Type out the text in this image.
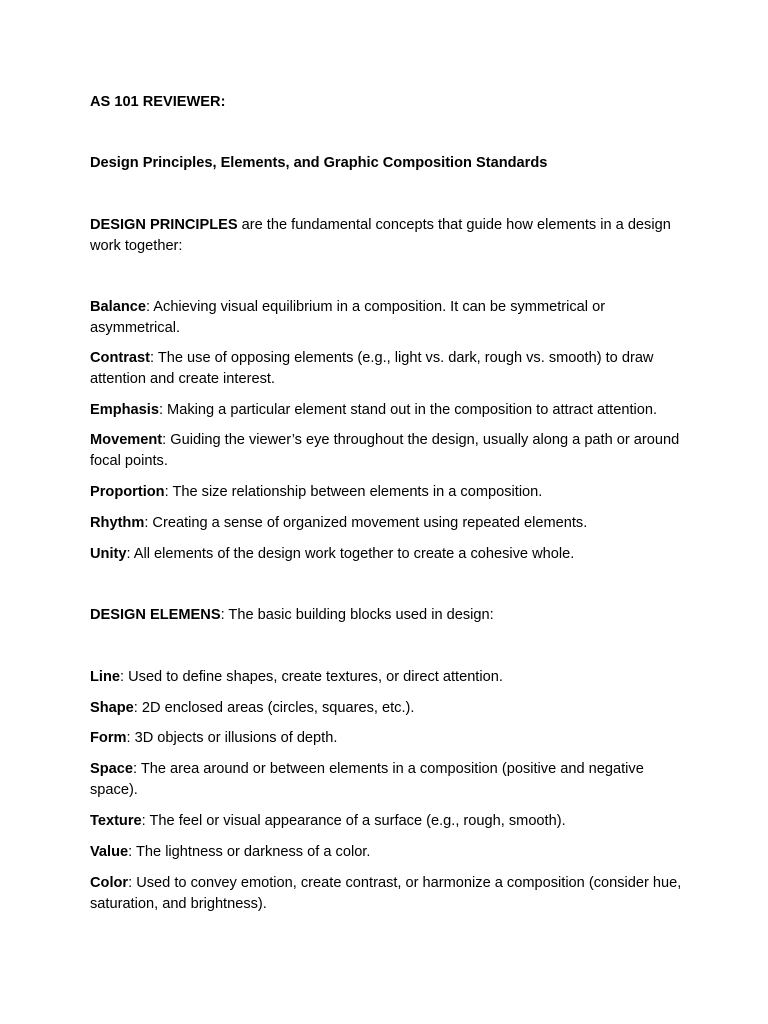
AS 101 REVIEWER:

Design Principles, Elements, and Graphic Composition Standards

DESIGN PRINCIPLES are the fundamental concepts that guide how elements in a design work together:

Balance: Achieving visual equilibrium in a composition. It can be symmetrical or asymmetrical.

Contrast: The use of opposing elements (e.g., light vs. dark, rough vs. smooth) to draw attention and create interest.

Emphasis: Making a particular element stand out in the composition to attract attention.

Movement: Guiding the viewer’s eye throughout the design, usually along a path or around focal points.

Proportion: The size relationship between elements in a composition.

Rhythm: Creating a sense of organized movement using repeated elements.

Unity: All elements of the design work together to create a cohesive whole.

DESIGN ELEMENS: The basic building blocks used in design:

Line: Used to define shapes, create textures, or direct attention.

Shape: 2D enclosed areas (circles, squares, etc.).

Form: 3D objects or illusions of depth.

Space: The area around or between elements in a composition (positive and negative space).

Texture: The feel or visual appearance of a surface (e.g., rough, smooth).

Value: The lightness or darkness of a color.

Color: Used to convey emotion, create contrast, or harmonize a composition (consider hue, saturation, and brightness).
